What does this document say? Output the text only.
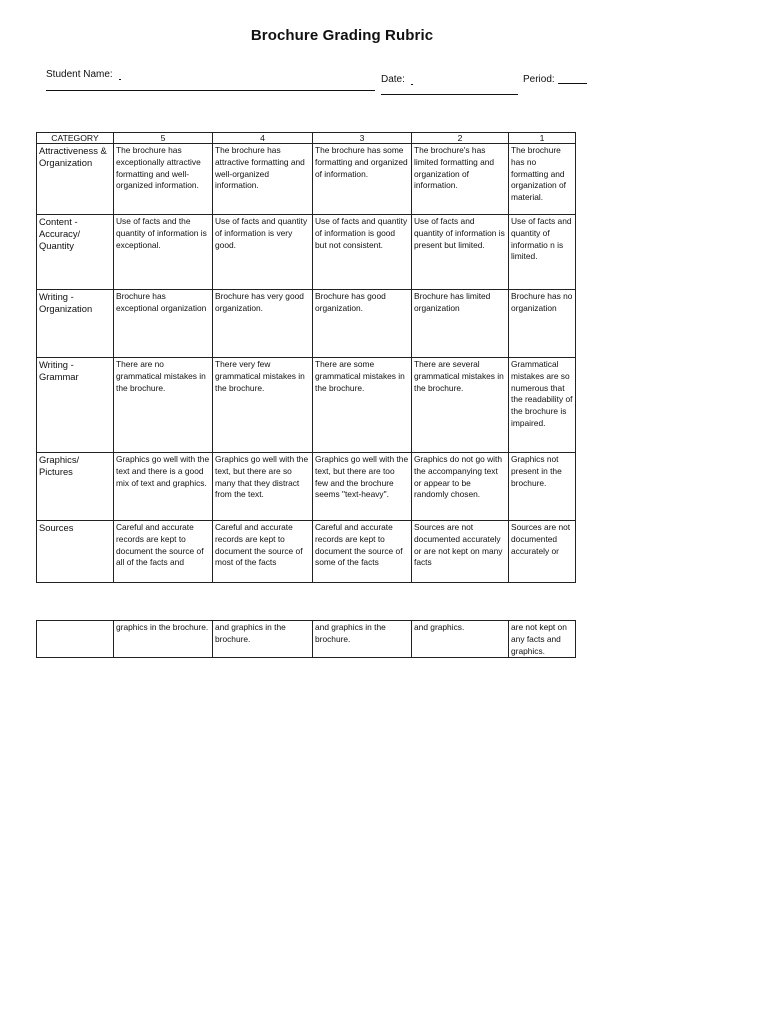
Brochure Grading Rubric
Student Name:	Date:	Period:
CATEGORY	5	4	3	2	1
Attractiveness & Organization	The brochure has exceptionally attractive formatting and well-organized information.	The brochure has attractive formatting and well-organized information.	The brochure has some formatting and organized of information.	The brochure's has limited formatting and organization of information.	The brochure has no formatting and organization of material.
Content - Accuracy/ Quantity	Use of facts and the quantity of information is exceptional.	Use of facts and quantity of information is very good.	Use of facts and quantity of information is good but not consistent.	Use of facts and quantity of information is present but limited.	Use of facts and quantity of informatio n is limited.
Writing - Organization	Brochure has exceptional organization	Brochure has very good organization.	Brochure has good organization.	Brochure has limited organization	Brochure has no organization
Writing - Grammar	There are no grammatical mistakes in the brochure.	There very few grammatical mistakes in the brochure.	There are some grammatical mistakes in the brochure.	There are several grammatical mistakes in the brochure.	Grammatical mistakes are so numerous that the readability of the brochure is impaired.
Graphics/ Pictures	Graphics go well with the text and there is a good mix of text and graphics.	Graphics go well with the text, but there are so many that they distract from the text.	Graphics go well with the text, but there are too few and the brochure seems "text-heavy".	Graphics do not go with the accompanying text or appear to be randomly chosen.	Graphics not present in the brochure.
Sources	Careful and accurate records are kept to document the source of all of the facts and	Careful and accurate records are kept to document the source of most of the facts	Careful and accurate records are kept to document the source of some of the facts	Sources are not documented accurately or are not kept on many facts	Sources are not documented accurately or
	graphics in the brochure.	and graphics in the brochure.	and graphics in the brochure.	and graphics.	are not kept on any facts and graphics.
